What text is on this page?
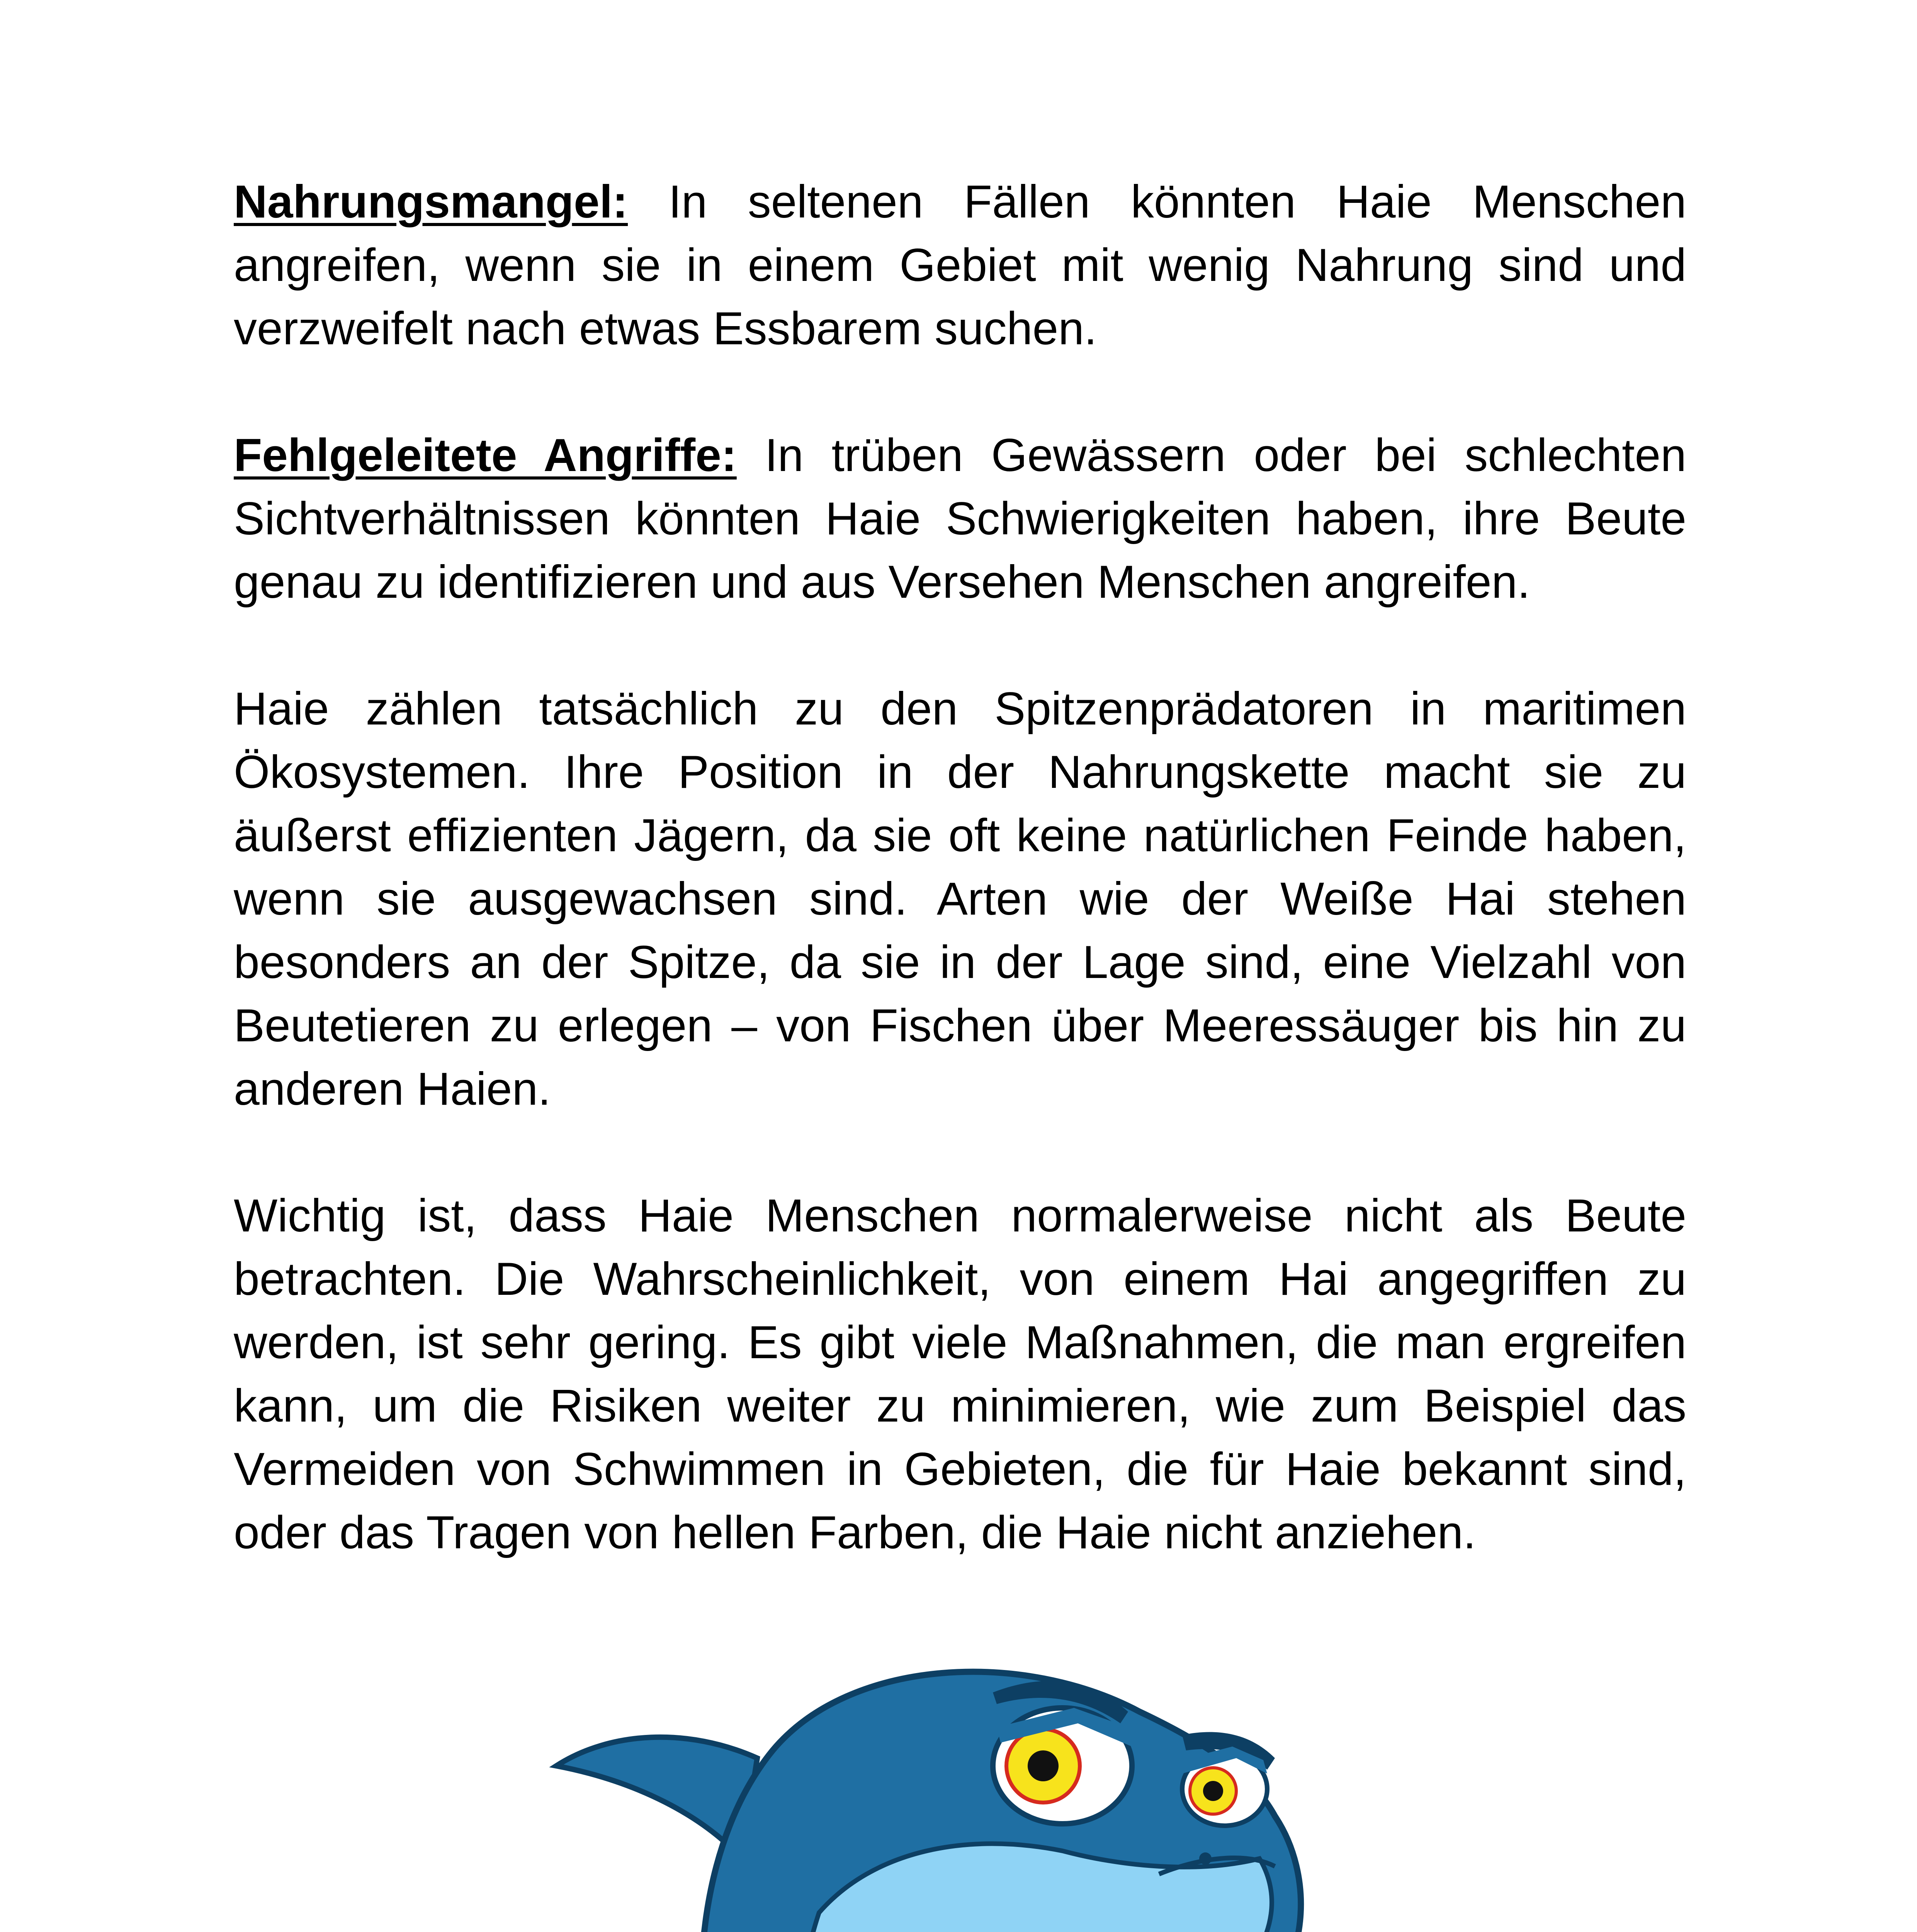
Nahrungsmangel: In seltenen Fällen könnten Haie Menschen angreifen, wenn sie in einem Gebiet mit wenig Nahrung sind und verzweifelt nach etwas Essbarem suchen.

Fehlgeleitete Angriffe: In trüben Gewässern oder bei schlechten Sichtverhältnissen könnten Haie Schwierigkeiten haben, ihre Beute genau zu identifizieren und aus Versehen Menschen angreifen.

Haie zählen tatsächlich zu den Spitzenprädatoren in maritimen Ökosystemen. Ihre Position in der Nahrungskette macht sie zu äußerst effizienten Jägern, da sie oft keine natürlichen Feinde haben, wenn sie ausgewachsen sind. Arten wie der Weiße Hai stehen besonders an der Spitze, da sie in der Lage sind, eine Vielzahl von Beutetieren zu erlegen – von Fischen über Meeressäuger bis hin zu anderen Haien.

Wichtig ist, dass Haie Menschen normalerweise nicht als Beute betrachten. Die Wahrscheinlichkeit, von einem Hai angegriffen zu werden, ist sehr gering. Es gibt viele Maßnahmen, die man ergreifen kann, um die Risiken weiter zu minimieren, wie zum Beispiel das Vermeiden von Schwimmen in Gebieten, die für Haie bekannt sind, oder das Tragen von hellen Farben, die Haie nicht anziehen.
